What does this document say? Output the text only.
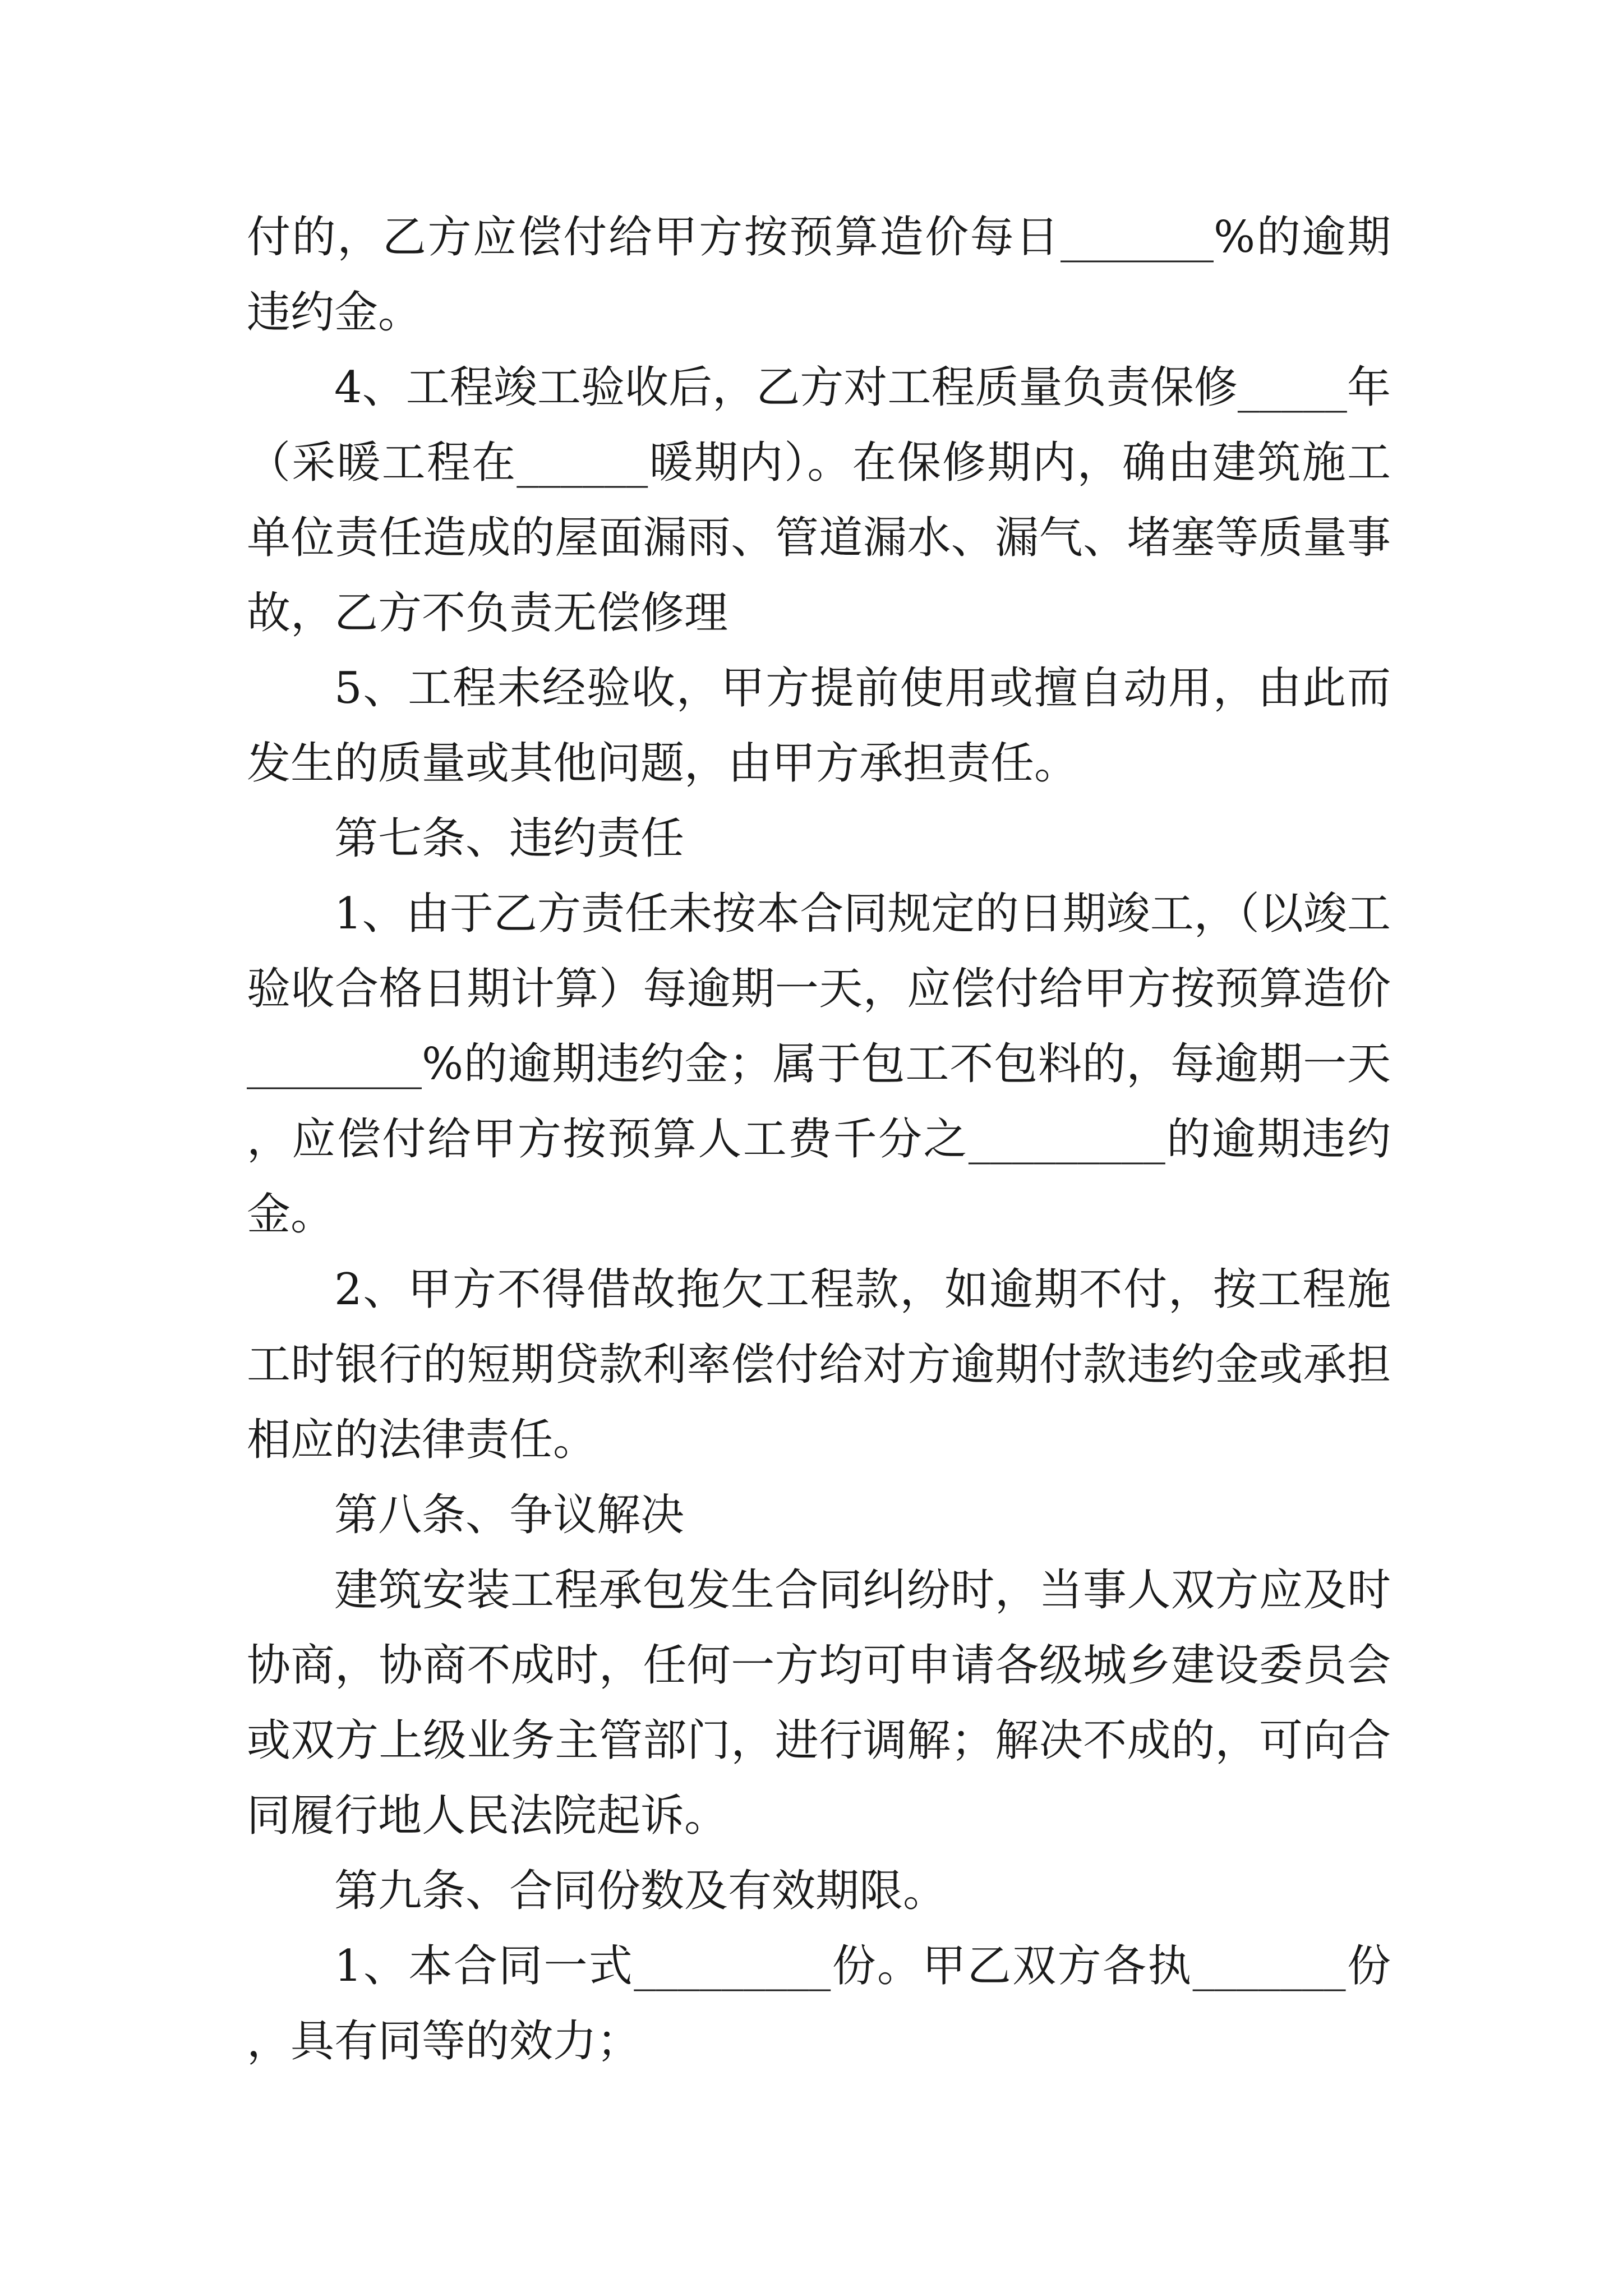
付的，乙方应偿付给甲方按预算造价每日_______%的逾期违约金。

4、工程竣工验收后，乙方对工程质量负责保修_____年（采暖工程在______暖期内）。在保修期内，确由建筑施工单位责任造成的屋面漏雨、管道漏水、漏气、堵塞等质量事故，乙方不负责无偿修理

5、工程未经验收，甲方提前使用或擅自动用，由此而发生的质量或其他问题，由甲方承担责任。

第七条、违约责任

1、由于乙方责任未按本合同规定的日期竣工，（以竣工验收合格日期计算）每逾期一天，应偿付给甲方按预算造价________%的逾期违约金；属于包工不包料的，每逾期一天，应偿付给甲方按预算人工费千分之_________的逾期违约金。

2、甲方不得借故拖欠工程款，如逾期不付，按工程施工时银行的短期贷款利率偿付给对方逾期付款违约金或承担相应的法律责任。

第八条、争议解决

建筑安装工程承包发生合同纠纷时，当事人双方应及时协商，协商不成时，任何一方均可申请各级城乡建设委员会或双方上级业务主管部门，进行调解；解决不成的，可向合同履行地人民法院起诉。

第九条、合同份数及有效期限。

1、本合同一式_________份。甲乙双方各执_______份，具有同等的效力；
